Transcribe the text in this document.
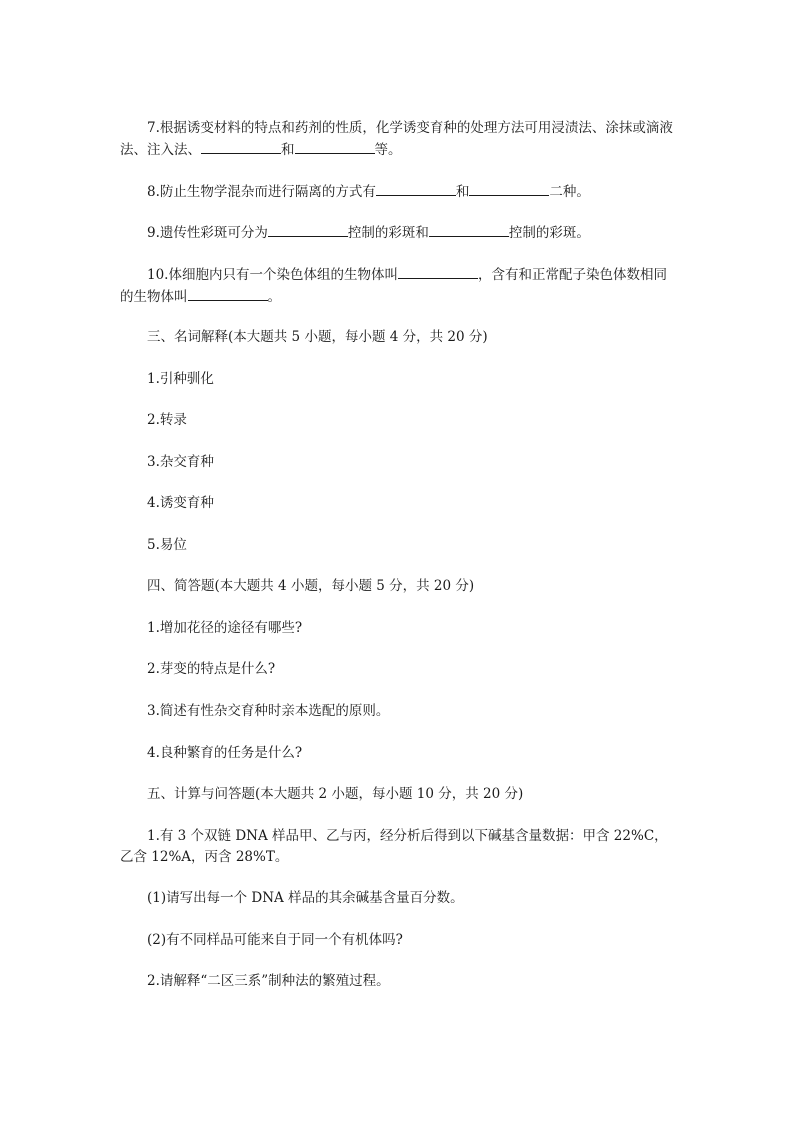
7.根据诱变材料的特点和药剂的性质，化学诱变育种的处理方法可用浸渍法、涂抹或滴液法、注入法、	和	等。

8.防止生物学混杂而进行隔离的方式有	和	二种。

9.遗传性彩斑可分为	控制的彩斑和	控制的彩斑。

10.体细胞内只有一个染色体组的生物体叫	，含有和正常配子染色体数相同的生物体叫	。

三、名词解释(本大题共 5 小题，每小题 4 分，共 20 分)

1.引种驯化

2.转录

3.杂交育种

4.诱变育种

5.易位

四、简答题(本大题共 4 小题，每小题 5 分，共 20 分)

1.增加花径的途径有哪些?

2.芽变的特点是什么?

3.简述有性杂交育种时亲本选配的原则。

4.良种繁育的任务是什么?

五、计算与问答题(本大题共 2 小题，每小题 10 分，共 20 分)

1.有 3 个双链 DNA 样品甲、乙与丙，经分析后得到以下碱基含量数据：甲含 22%C，乙含 12%A，丙含 28%T。

(1)请写出每一个 DNA 样品的其余碱基含量百分数。

(2)有不同样品可能来自于同一个有机体吗?

2.请解释“二区三系”制种法的繁殖过程。
